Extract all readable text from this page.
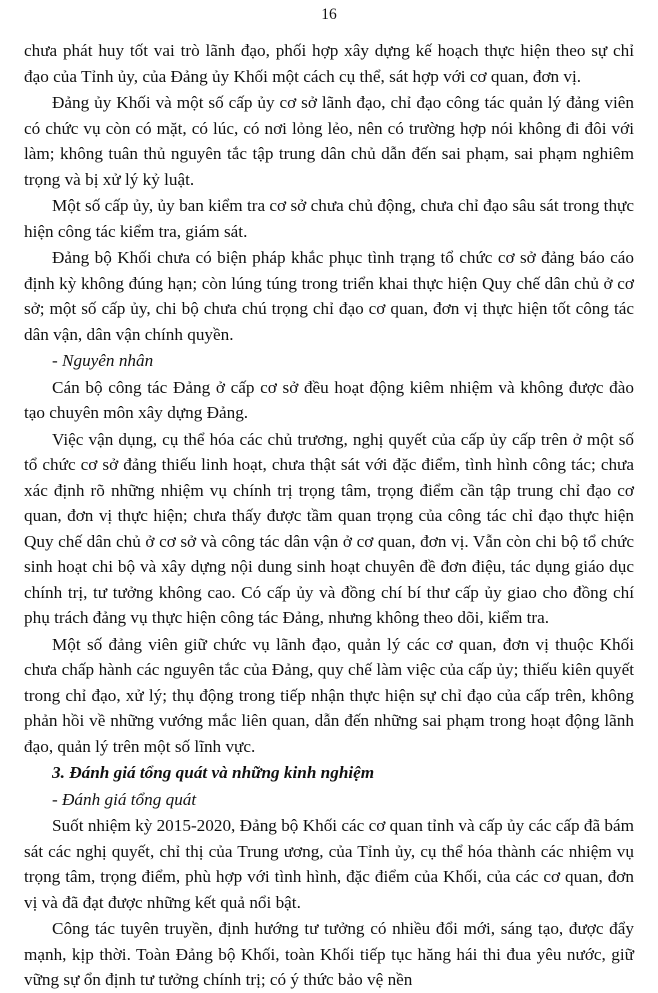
16

chưa phát huy tốt vai trò lãnh đạo, phối hợp xây dựng kế hoạch thực hiện theo sự chỉ đạo của Tỉnh ủy, của Đảng ủy Khối một cách cụ thể, sát hợp với cơ quan, đơn vị.

Đảng ủy Khối và một số cấp ủy cơ sở lãnh đạo, chỉ đạo công tác quản lý đảng viên có chức vụ còn có mặt, có lúc, có nơi lỏng lẻo, nên có trường hợp nói không đi đôi với làm; không tuân thủ nguyên tắc tập trung dân chủ dẫn đến sai phạm, sai phạm nghiêm trọng và bị xử lý kỷ luật.

Một số cấp ủy, ủy ban kiểm tra cơ sở chưa chủ động, chưa chỉ đạo sâu sát trong thực hiện công tác kiểm tra, giám sát.

Đảng bộ Khối chưa có biện pháp khắc phục tình trạng tổ chức cơ sở đảng báo cáo định kỳ không đúng hạn; còn lúng túng trong triển khai thực hiện Quy chế dân chủ ở cơ sở; một số cấp ủy, chi bộ chưa chú trọng chỉ đạo cơ quan, đơn vị thực hiện tốt công tác dân vận, dân vận chính quyền.

- Nguyên nhân

Cán bộ công tác Đảng ở cấp cơ sở đều hoạt động kiêm nhiệm và không được đào tạo chuyên môn xây dựng Đảng.

Việc vận dụng, cụ thể hóa các chủ trương, nghị quyết của cấp ủy cấp trên ở một số tổ chức cơ sở đảng thiếu linh hoạt, chưa thật sát với đặc điểm, tình hình công tác; chưa xác định rõ những nhiệm vụ chính trị trọng tâm, trọng điểm cần tập trung chỉ đạo cơ quan, đơn vị thực hiện; chưa thấy được tầm quan trọng của công tác chỉ đạo thực hiện Quy chế dân chủ ở cơ sở và công tác dân vận ở cơ quan, đơn vị. Vẫn còn chi bộ tổ chức sinh hoạt chi bộ và xây dựng nội dung sinh hoạt chuyên đề đơn điệu, tác dụng giáo dục chính trị, tư tưởng không cao. Có cấp ủy và đồng chí bí thư cấp ủy giao cho đồng chí phụ trách đảng vụ thực hiện công tác Đảng, nhưng không theo dõi, kiểm tra.

Một số đảng viên giữ chức vụ lãnh đạo, quản lý các cơ quan, đơn vị thuộc Khối chưa chấp hành các nguyên tắc của Đảng, quy chế làm việc của cấp ủy; thiếu kiên quyết trong chỉ đạo, xử lý; thụ động trong tiếp nhận thực hiện sự chỉ đạo của cấp trên, không phản hồi về những vướng mắc liên quan, dẫn đến những sai phạm trong hoạt động lãnh đạo, quản lý trên một số lĩnh vực.

3. Đánh giá tổng quát và những kinh nghiệm

- Đánh giá tổng quát

Suốt nhiệm kỳ 2015-2020, Đảng bộ Khối các cơ quan tỉnh và cấp ủy các cấp đã bám sát các nghị quyết, chỉ thị của Trung ương, của Tỉnh ủy, cụ thể hóa thành các nhiệm vụ trọng tâm, trọng điểm, phù hợp với tình hình, đặc điểm của Khối, của các cơ quan, đơn vị và đã đạt được những kết quả nổi bật.

Công tác tuyên truyền, định hướng tư tưởng có nhiều đổi mới, sáng tạo, được đẩy mạnh, kịp thời. Toàn Đảng bộ Khối, toàn Khối tiếp tục hăng hái thi đua yêu nước, giữ vững sự ổn định tư tưởng chính trị; có ý thức bảo vệ nền
